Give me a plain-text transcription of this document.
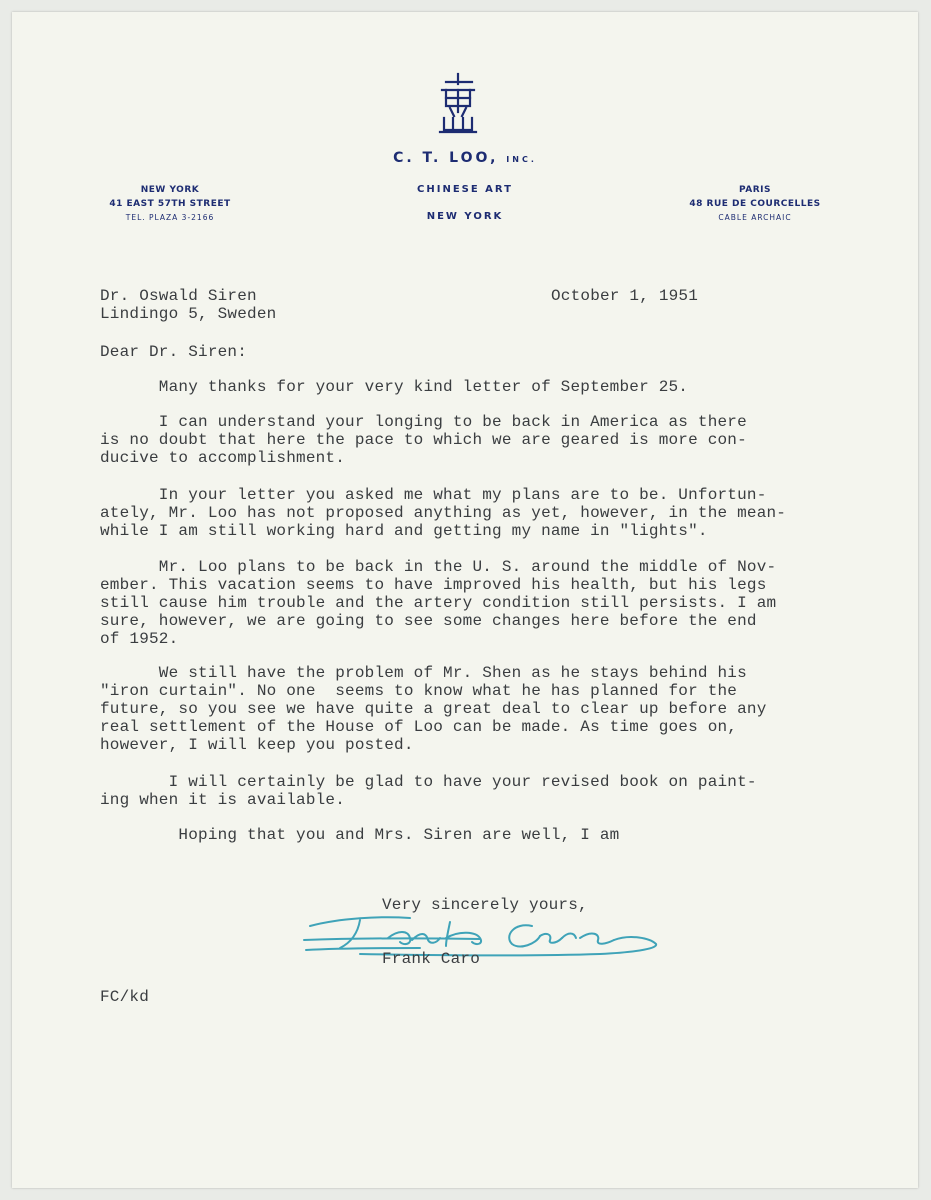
C. T. LOO, INC.
CHINESE ART
NEW YORK
NEW YORK
41 EAST 57TH STREET
TEL. PLAZA 3-2166
PARIS
48 RUE DE COURCELLES
CABLE ARCHAIC
Dr. Oswald Siren
Lindingo 5, Sweden
October 1, 1951
Dear Dr. Siren:
Many thanks for your very kind letter of September 25.
I can understand your longing to be back in America as there
is no doubt that here the pace to which we are geared is more con-
ducive to accomplishment.
In your letter you asked me what my plans are to be. Unfortun-
ately, Mr. Loo has not proposed anything as yet, however, in the mean-
while I am still working hard and getting my name in "lights".
Mr. Loo plans to be back in the U. S. around the middle of Nov-
ember. This vacation seems to have improved his health, but his legs
still cause him trouble and the artery condition still persists. I am
sure, however, we are going to see some changes here before the end
of 1952.
We still have the problem of Mr. Shen as he stays behind his
"iron curtain". No one  seems to know what he has planned for the
future, so you see we have quite a great deal to clear up before any
real settlement of the House of Loo can be made. As time goes on,
however, I will keep you posted.
I will certainly be glad to have your revised book on paint-
ing when it is available.
Hoping that you and Mrs. Siren are well, I am
Very sincerely yours,
Frank Caro
FC/kd
